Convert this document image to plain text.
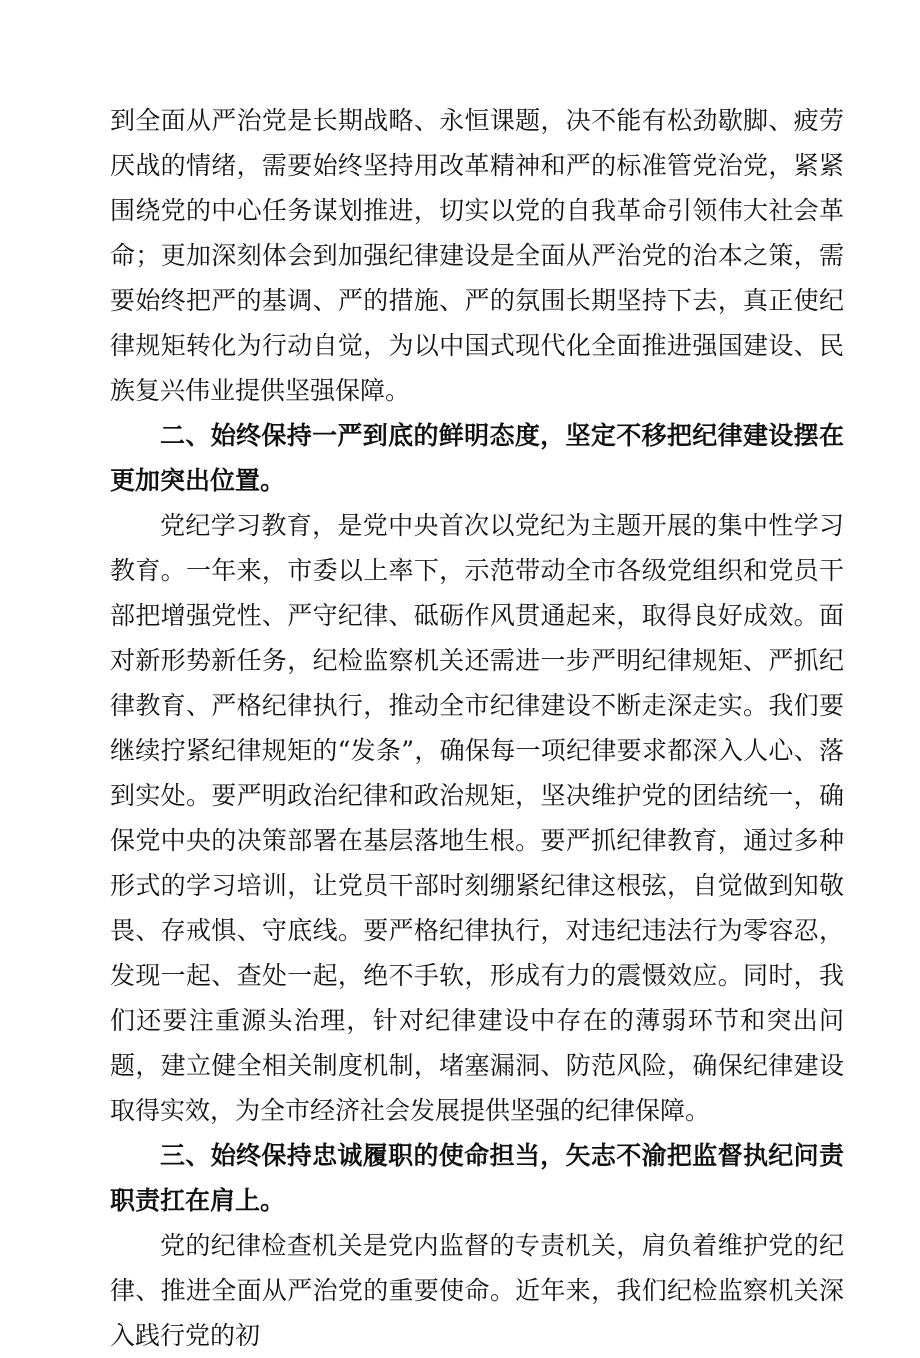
到全面从严治党是长期战略、永恒课题，决不能有松劲歇脚、疲劳厌战的情绪，需要始终坚持用改革精神和严的标准管党治党，紧紧围绕党的中心任务谋划推进，切实以党的自我革命引领伟大社会革命；更加深刻体会到加强纪律建设是全面从严治党的治本之策，需要始终把严的基调、严的措施、严的氛围长期坚持下去，真正使纪律规矩转化为行动自觉，为以中国式现代化全面推进强国建设、民族复兴伟业提供坚强保障。

二、始终保持一严到底的鲜明态度，坚定不移把纪律建设摆在更加突出位置。

党纪学习教育，是党中央首次以党纪为主题开展的集中性学习教育。一年来，市委以上率下，示范带动全市各级党组织和党员干部把增强党性、严守纪律、砥砺作风贯通起来，取得良好成效。面对新形势新任务，纪检监察机关还需进一步严明纪律规矩、严抓纪律教育、严格纪律执行，推动全市纪律建设不断走深走实。我们要继续拧紧纪律规矩的“发条”，确保每一项纪律要求都深入人心、落到实处。要严明政治纪律和政治规矩，坚决维护党的团结统一，确保党中央的决策部署在基层落地生根。要严抓纪律教育，通过多种形式的学习培训，让党员干部时刻绷紧纪律这根弦，自觉做到知敬畏、存戒惧、守底线。要严格纪律执行，对违纪违法行为零容忍，发现一起、查处一起，绝不手软，形成有力的震慑效应。同时，我们还要注重源头治理，针对纪律建设中存在的薄弱环节和突出问题，建立健全相关制度机制，堵塞漏洞、防范风险，确保纪律建设取得实效，为全市经济社会发展提供坚强的纪律保障。

三、始终保持忠诚履职的使命担当，矢志不渝把监督执纪问责职责扛在肩上。

党的纪律检查机关是党内监督的专责机关，肩负着维护党的纪律、推进全面从严治党的重要使命。近年来，我们纪检监察机关深入践行党的初
